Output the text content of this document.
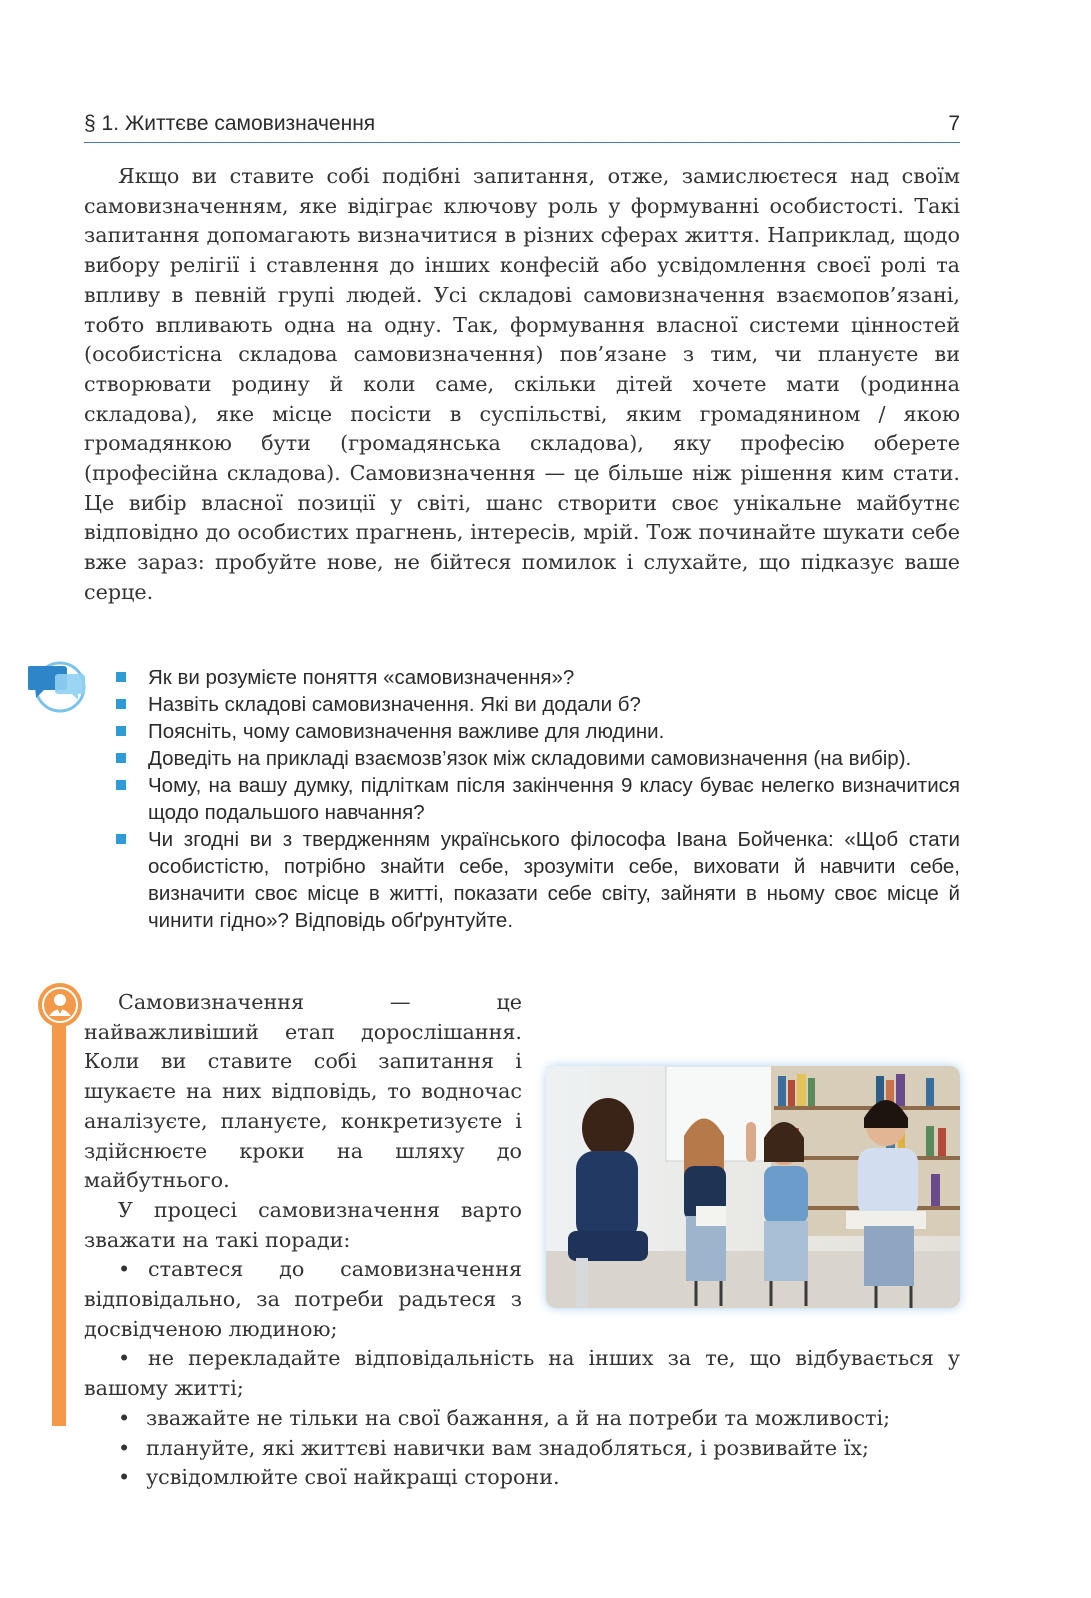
§ 1. Життєве самовизначення	7

Якщо ви ставите собі подібні запитання, отже, замислюєтеся над своїм самовизначенням, яке відіграє ключову роль у формуванні особистості. Такі запитання допомагають визначитися в різних сферах життя. Наприклад, щодо вибору релігії і ставлення до інших конфесій або усвідомлення своєї ролі та впливу в певній групі людей. Усі складові самовизначення взаємопов’язані, тобто впливають одна на одну. Так, формування власної системи цінностей (особистісна складова самовизначення) пов’язане з тим, чи плануєте ви створювати родину й коли саме, скільки дітей хочете мати (родинна складова), яке місце посісти в суспільстві, яким громадянином / якою громадянкою бути (громадянська складова), яку професію оберете (професійна складова). Самовизначення — це більше ніж рішення ким стати. Це вибір власної позиції у світі, шанс створити своє унікальне майбутнє відповідно до особистих прагнень, інтересів, мрій. Тож починайте шукати себе вже зараз: пробуйте нове, не бійтеся помилок і слухайте, що підказує ваше серце.

Як ви розумієте поняття «самовизначення»?
Назвіть складові самовизначення. Які ви додали б?
Поясніть, чому самовизначення важливе для людини.
Доведіть на прикладі взаємозв’язок між складовими самовизначення (на вибір).
Чому, на вашу думку, підліткам після закінчення 9 класу буває нелегко визначитися щодо подальшого навчання?
Чи згодні ви з твердженням українського філософа Івана Бойченка: «Щоб стати особистістю, потрібно знайти себе, зрозуміти себе, виховати й навчити себе, визначити своє місце в житті, показати себе світу, зайняти в ньому своє місце й чинити гідно»? Відповідь обґрунтуйте.

Самовизначення — це найважливіший етап дорослішання. Коли ви ставите собі запитання і шукаєте на них відповідь, то водночас аналізуєте, плануєте, конкретизуєте і здійснюєте кроки на шляху до майбутнього.

У процесі самовизначення варто зважати на такі поради:

• ставтеся до самовизначення відповідально, за потреби радьтеся з досвідченою людиною;

• не перекладайте відповідальність на інших за те, що відбувається у вашому житті;

• зважайте не тільки на свої бажання, а й на потреби та можливості;
• плануйте, які життєві навички вам знадобляться, і розвивайте їх;
• усвідомлюйте свої найкращі сторони.
